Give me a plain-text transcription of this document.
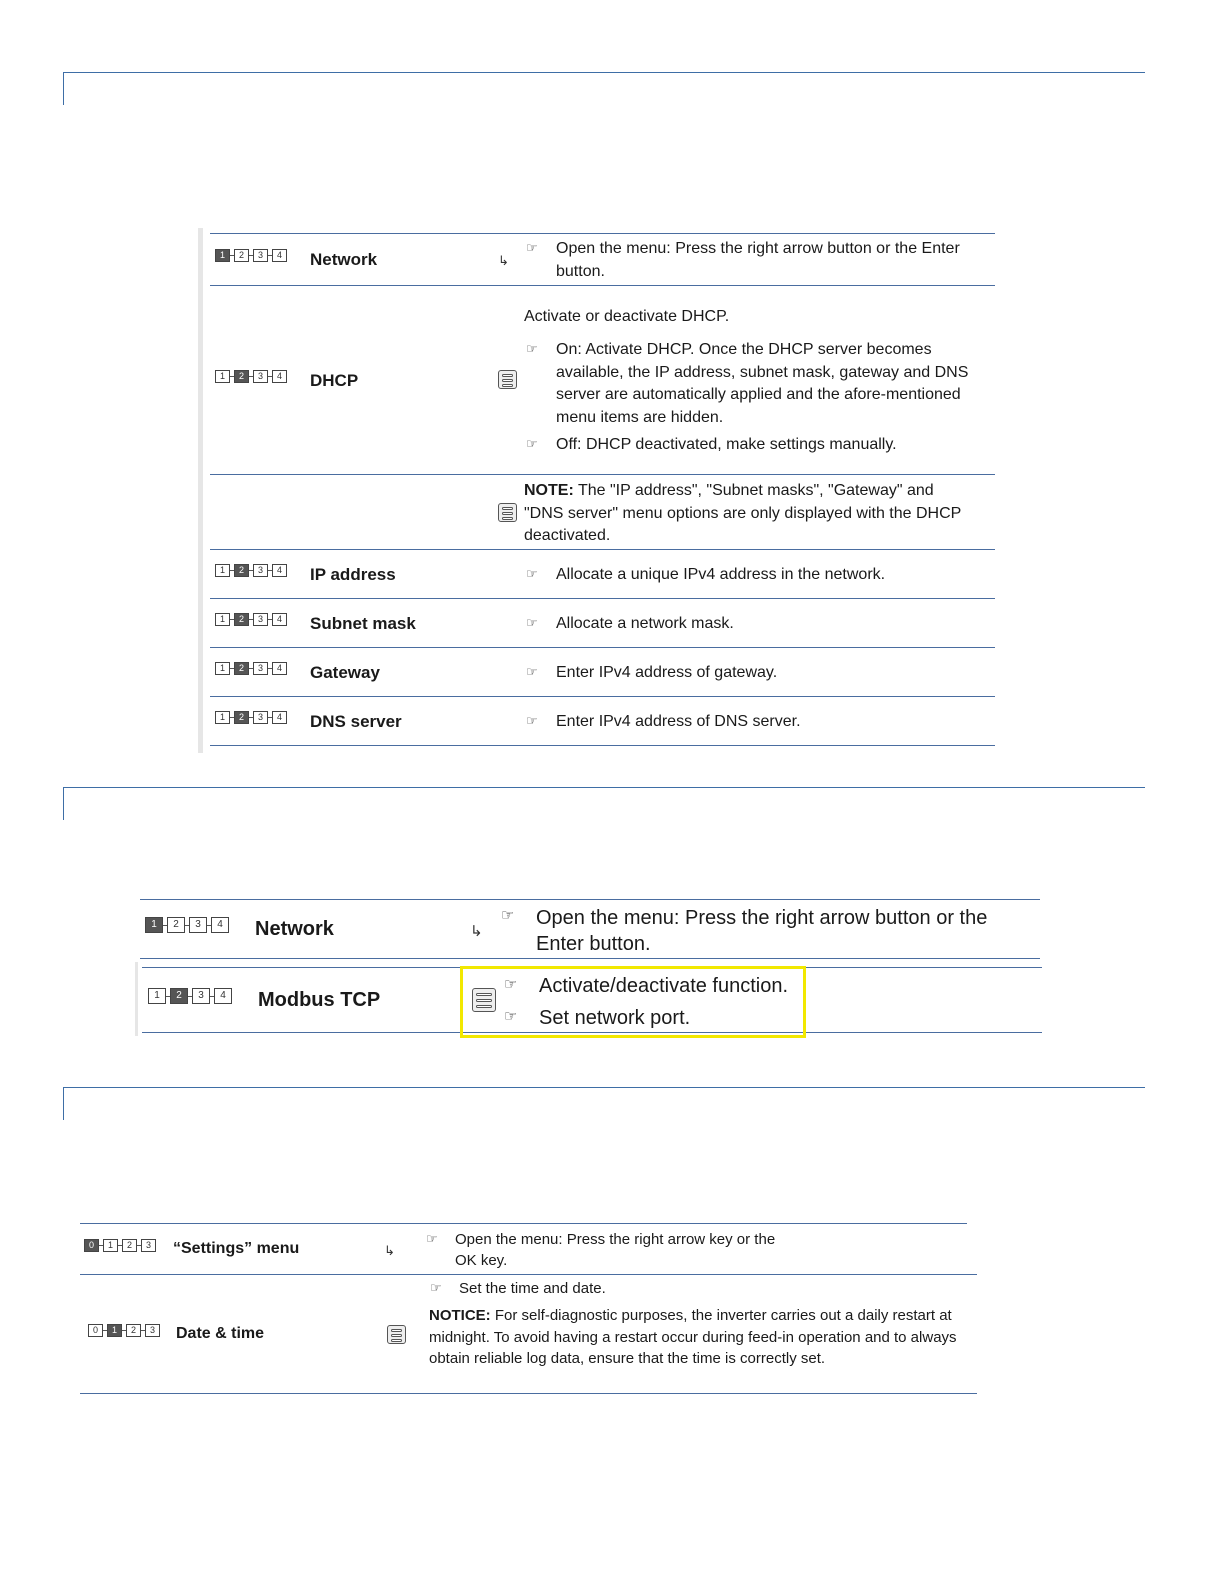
1	2	3	4 Network	↳
☞ Open the menu: Press the right arrow button or the Enter button.
1	2	3	4 DHCP
Activate or deactivate DHCP.
☞ On: Activate DHCP. Once the DHCP server becomes available, the IP address, subnet mask, gateway and DNS server are automatically applied and the afore-mentioned menu items are hidden.
☞ Off: DHCP deactivated, make settings manually.
NOTE: The "IP address", "Subnet masks", "Gateway" and "DNS server" menu options are only displayed with the DHCP deactivated.
1	2	3	4 IP address	☞ Allocate a unique IPv4 address in the network.
1	2	3	4 Subnet mask	☞ Allocate a network mask.
1	2	3	4 Gateway	☞ Enter IPv4 address of gateway.
1	2	3	4 DNS server	☞ Enter IPv4 address of DNS server.
1	2	3	4	Network	↳
☞ Open the menu: Press the right arrow button or the Enter button.
1	2	3	4	Modbus TCP
☞ Activate/deactivate function.
☞ Set network port.
0	1	2	3	“Settings” menu	↳
☞ Open the menu: Press the right arrow key or the OK key.
0	1	2	3	Date & time
☞ Set the time and date.
NOTICE: For self-diagnostic purposes, the inverter carries out a daily restart at midnight. To avoid having a restart occur during feed-in operation and to always obtain reliable log data, ensure that the time is correctly set.
